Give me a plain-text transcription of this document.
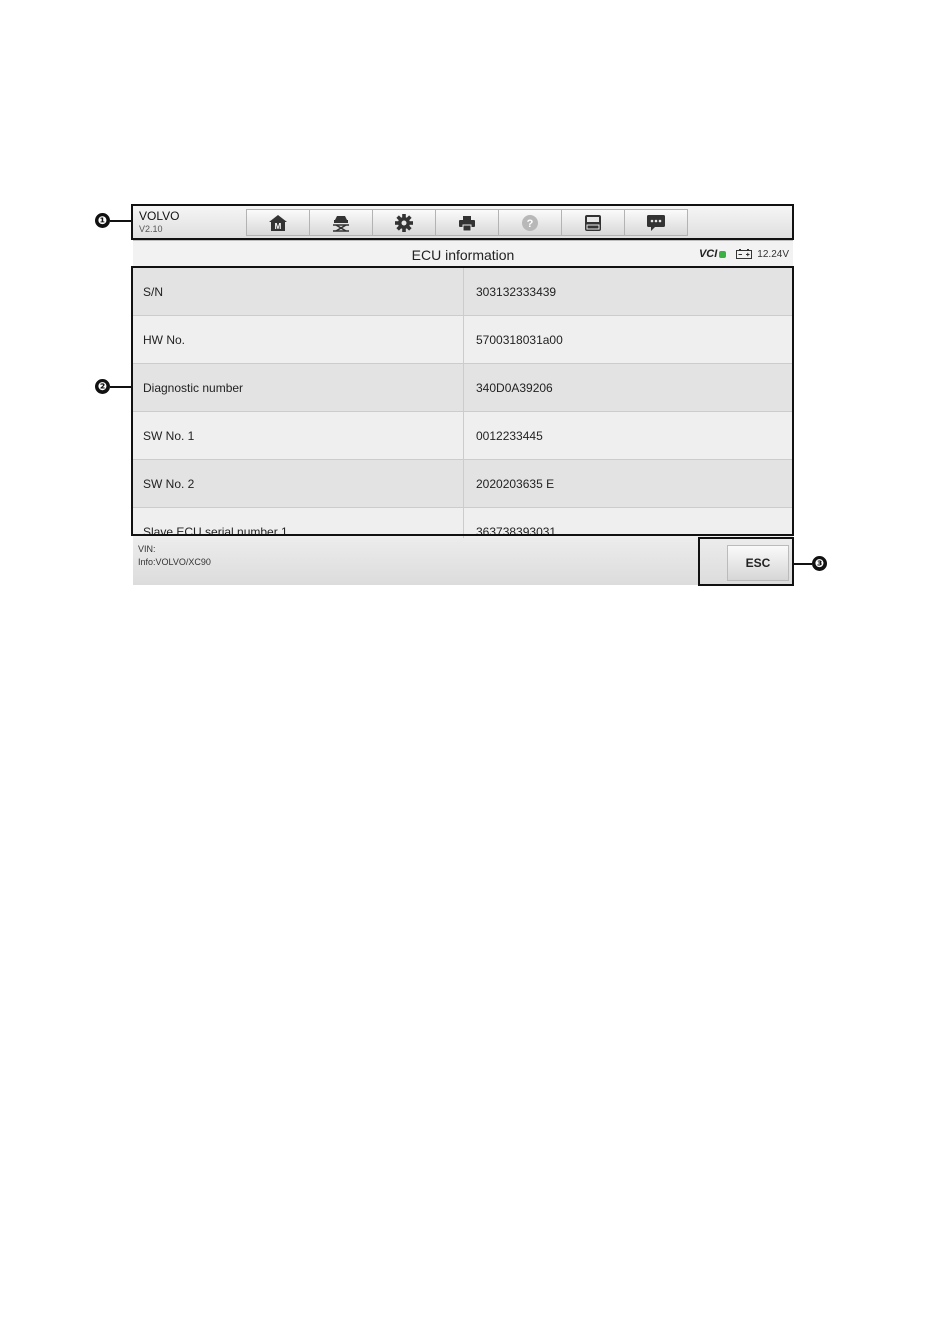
VOLVO
V2.10	M	?
ECU information	VCI	12.24V
S/N	303132333439
HW No.	5700318031a00
Diagnostic number	340D0A39206
SW No. 1	0012233445
SW No. 2	2020203635 E
Slave ECU serial number 1	363738393031
VIN:
Info:VOLVO/XC90	ESC
❶
❷
❸
